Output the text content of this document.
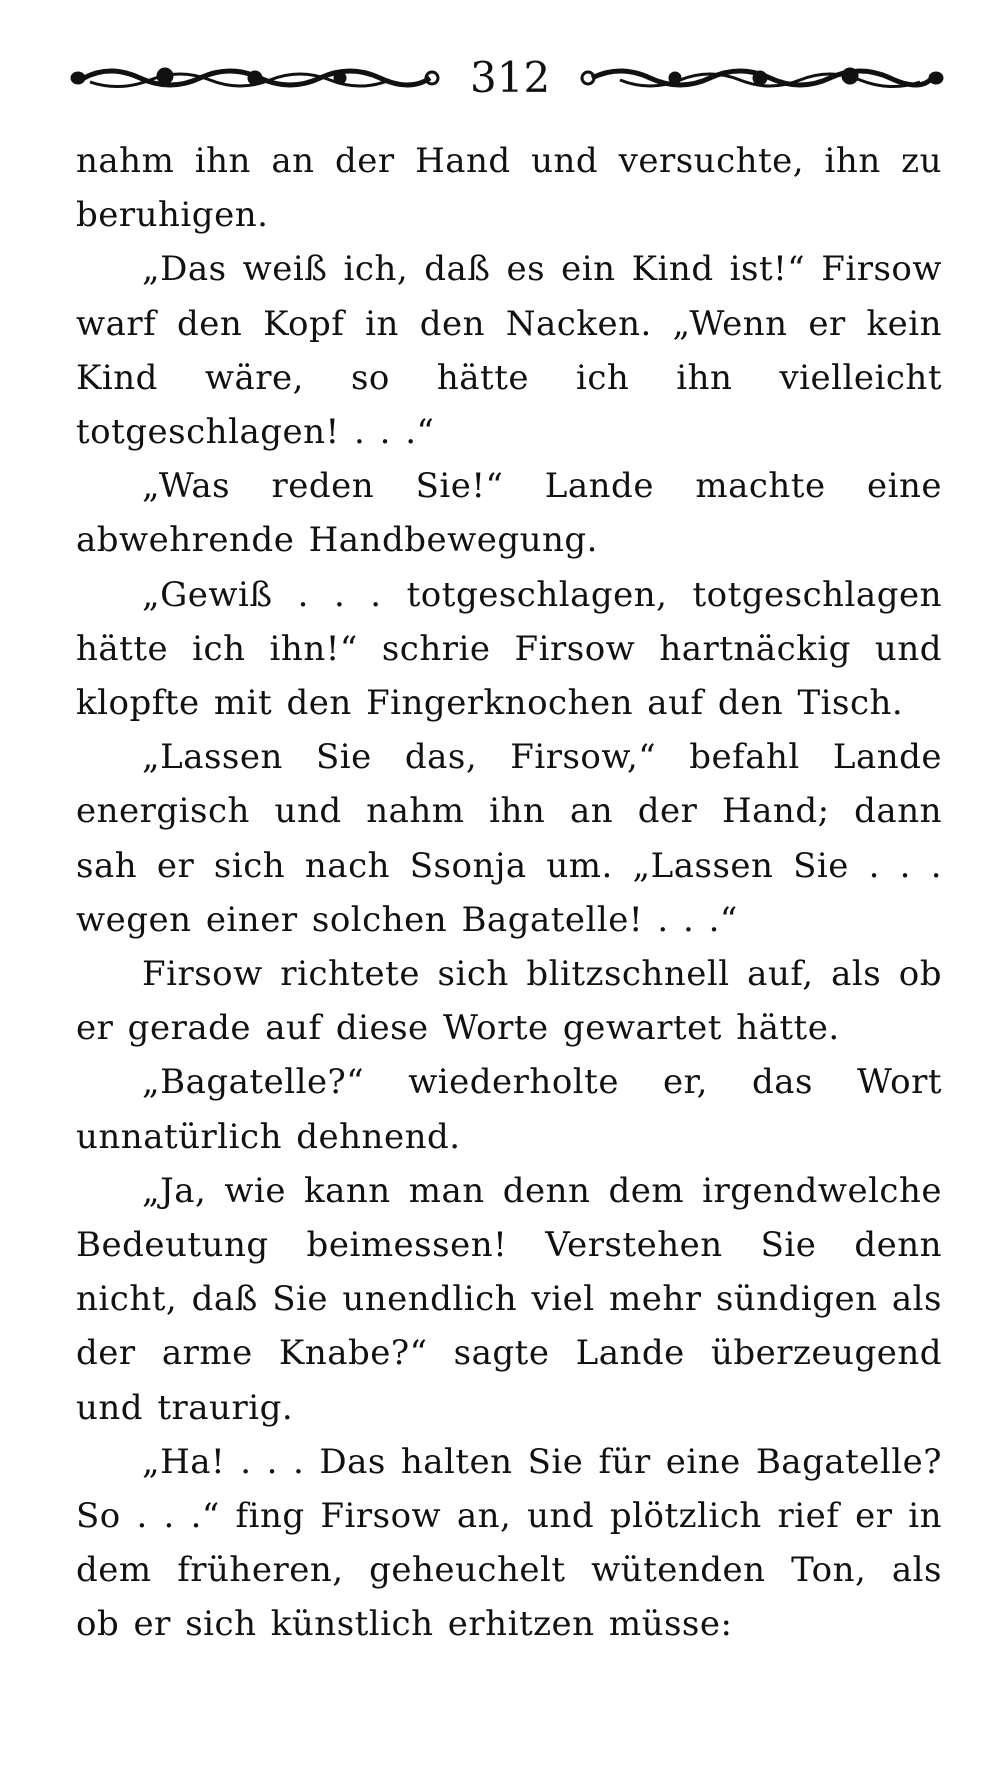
312

nahm ihn an der Hand und versuchte, ihn zu beruhigen.

„Das weiß ich, daß es ein Kind ist!“ Firsow warf den Kopf in den Nacken. „Wenn er kein Kind wäre, so hätte ich ihn vielleicht totgeschlagen! . . .“

„Was reden Sie!“ Lande machte eine abwehrende Handbewegung.

„Gewiß . . . totgeschlagen, totgeschlagen hätte ich ihn!“ schrie Firsow hartnäckig und klopfte mit den Fingerknochen auf den Tisch.

„Lassen Sie das, Firsow,“ befahl Lande energisch und nahm ihn an der Hand; dann sah er sich nach Ssonja um. „Lassen Sie . . . wegen einer solchen Bagatelle! . . .“

Firsow richtete sich blitzschnell auf, als ob er gerade auf diese Worte gewartet hätte.

„Bagatelle?“ wiederholte er, das Wort unnatürlich dehnend.

„Ja, wie kann man denn dem irgendwelche Bedeutung beimessen! Verstehen Sie denn nicht, daß Sie unendlich viel mehr sündigen als der arme Knabe?“ sagte Lande überzeugend und traurig.

„Ha! . . . Das halten Sie für eine Bagatelle? So . . .“ fing Firsow an, und plötzlich rief er in dem früheren, geheuchelt wütenden Ton, als ob er sich künstlich erhitzen müsse:
